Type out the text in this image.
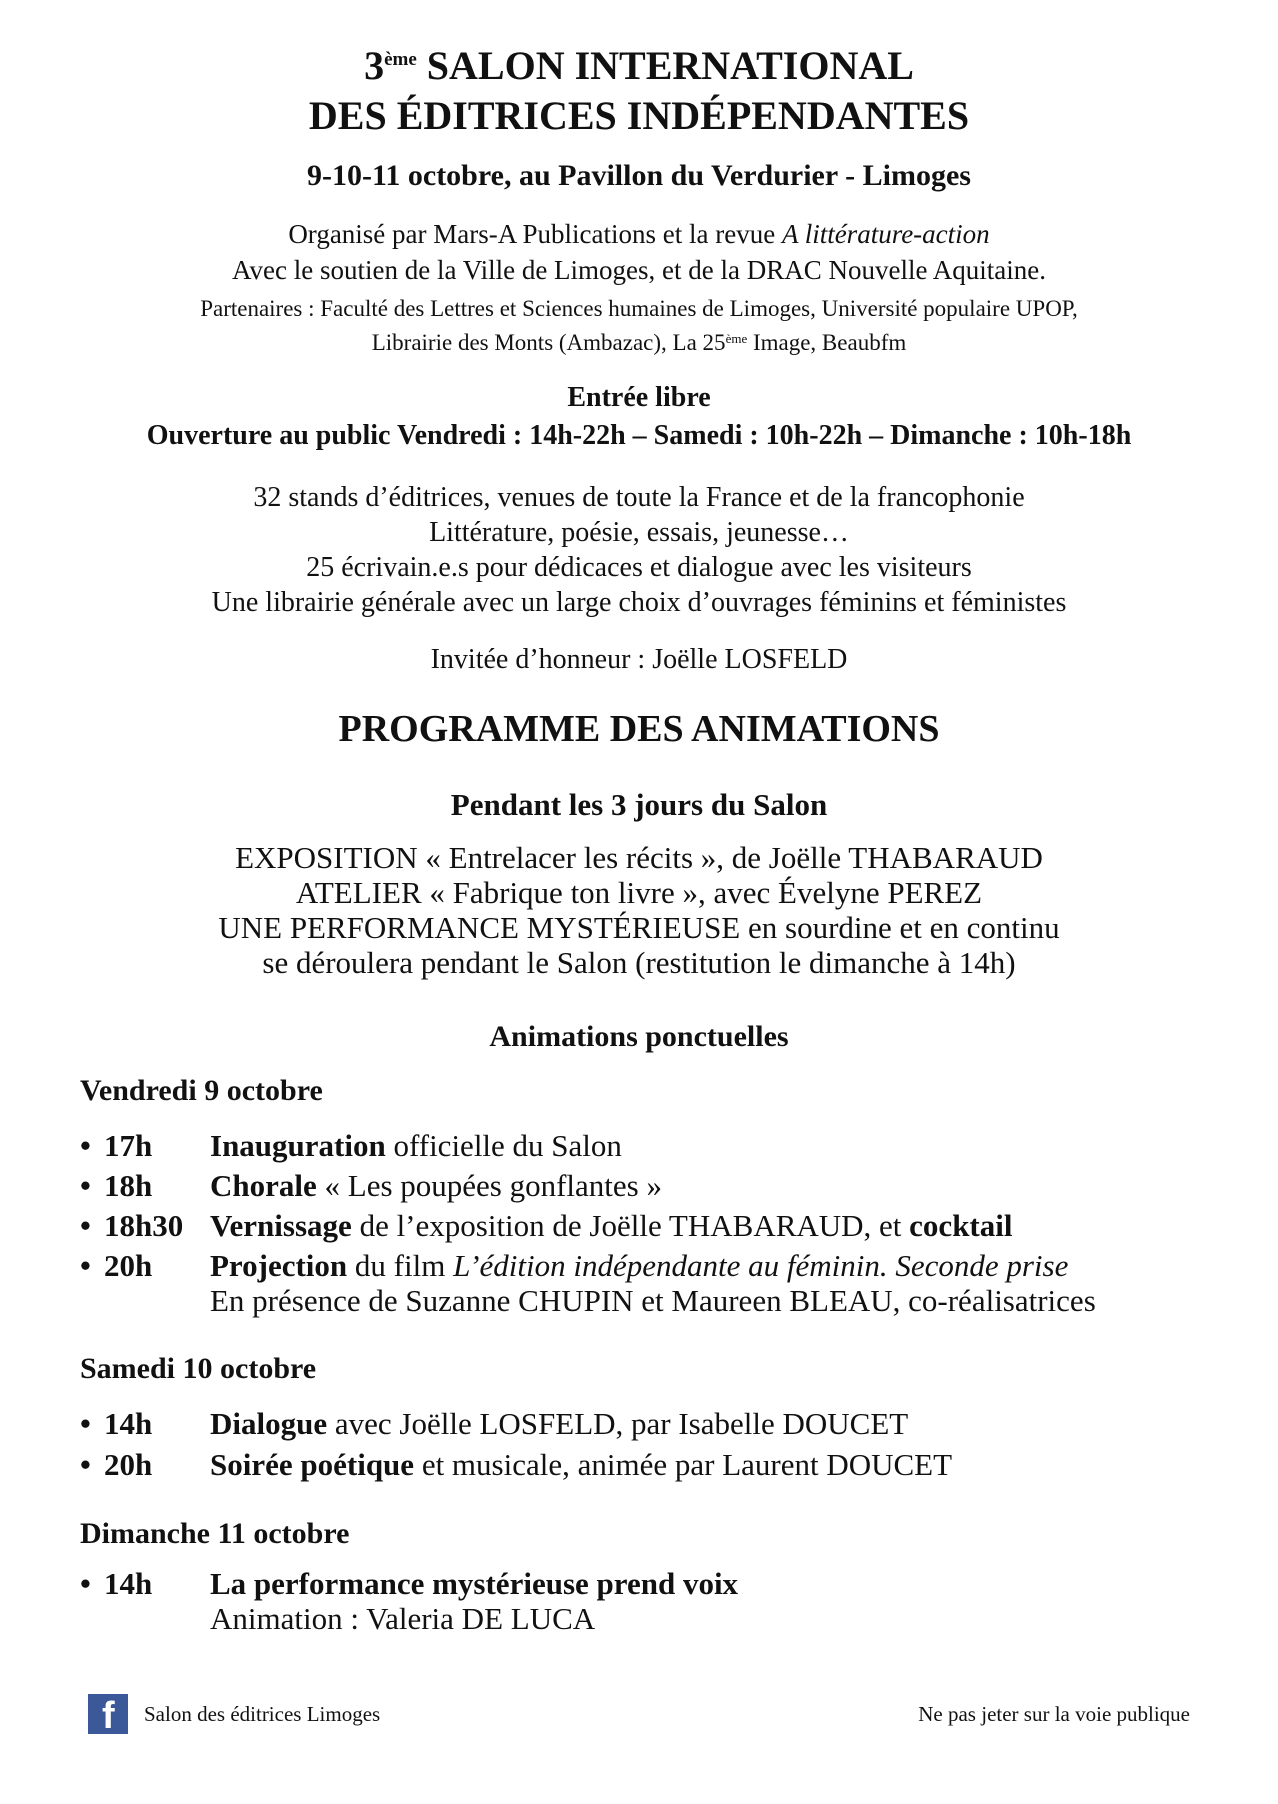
3ème SALON INTERNATIONAL
DES ÉDITRICES INDÉPENDANTES
9-10-11 octobre, au Pavillon du Verdurier - Limoges
Organisé par Mars-A Publications et la revue A littérature-action
Avec le soutien de la Ville de Limoges, et de la DRAC Nouvelle Aquitaine.
Partenaires : Faculté des Lettres et Sciences humaines de Limoges, Université populaire UPOP,
Librairie des Monts (Ambazac), La 25ème Image, Beaubfm
Entrée libre
Ouverture au public Vendredi : 14h-22h – Samedi : 10h-22h – Dimanche : 10h-18h
32 stands d’éditrices, venues de toute la France et de la francophonie
Littérature, poésie, essais, jeunesse…
25 écrivain.e.s pour dédicaces et dialogue avec les visiteurs
Une librairie générale avec un large choix d’ouvrages féminins et féministes
Invitée d’honneur : Joëlle LOSFELD
PROGRAMME DES ANIMATIONS
Pendant les 3 jours du Salon
EXPOSITION « Entrelacer les récits », de Joëlle THABARAUD
ATELIER « Fabrique ton livre », avec Évelyne PEREZ
UNE PERFORMANCE MYSTÉRIEUSE en sourdine et en continu
se déroulera pendant le Salon (restitution le dimanche à 14h)
Animations ponctuelles
Vendredi 9 octobre
• 17h Inauguration officielle du Salon
• 18h Chorale « Les poupées gonflantes »
• 18h30 Vernissage de l’exposition de Joëlle THABARAUD, et cocktail
• 20h Projection du film L’édition indépendante au féminin. Seconde prise
En présence de Suzanne CHUPIN et Maureen BLEAU, co-réalisatrices
Samedi 10 octobre
• 14h Dialogue avec Joëlle LOSFELD, par Isabelle DOUCET
• 20h Soirée poétique et musicale, animée par Laurent DOUCET
Dimanche 11 octobre
• 14h La performance mystérieuse prend voix
Animation : Valeria DE LUCA
f Salon des éditrices Limoges	Ne pas jeter sur la voie publique
